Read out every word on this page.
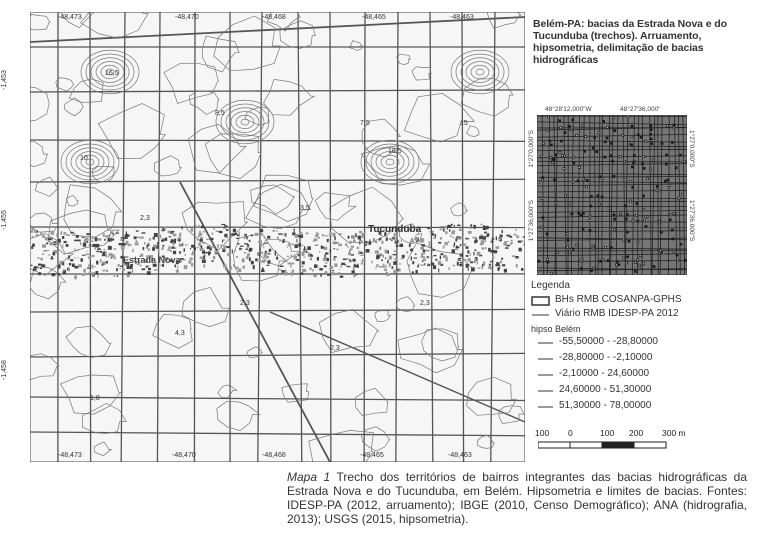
-48,473	-48,470	-48,468	-48,465	-48,463
-48,473	-48,470	-48,468	-48,465	-48,463
-1,453
-1,455
-1,458
16,5
16,5
10
15
2,3
2,3
2,3
4,3
2,3
3,5
8,5
7,5
1,8
Tucunduba
Estrada Nova
Belém-PA: bacias da Estrada Nova e do Tucunduba (trechos). Arruamento, hipsometria, delimitação de bacias hidrográficas
48°28'12,000"W	48°27'36,000"
1°27'0,000"S
1°27'36,000"S
1°27'0,000"S
1°27'36,000"S
Legenda
BHs RMB COSANPA-GPHS
Viário RMB IDESP-PA 2012
hipso Belém
-55,50000 - -28,80000
-28,80000 - -2,10000
-2,10000 - 24,60000
24,60000 - 51,30000
51,30000 - 78,00000
100 0	100 200 300 m
Mapa 1 Trecho dos territórios de bairros integrantes das bacias hidrográficas da Estrada Nova e do Tucunduba, em Belém. Hipsometria e limites de bacias. Fontes: IDESP-PA (2012, arruamento); IBGE (2010, Censo Demográfico); ANA (hidrografia, 2013); USGS (2015, hipsometria).
